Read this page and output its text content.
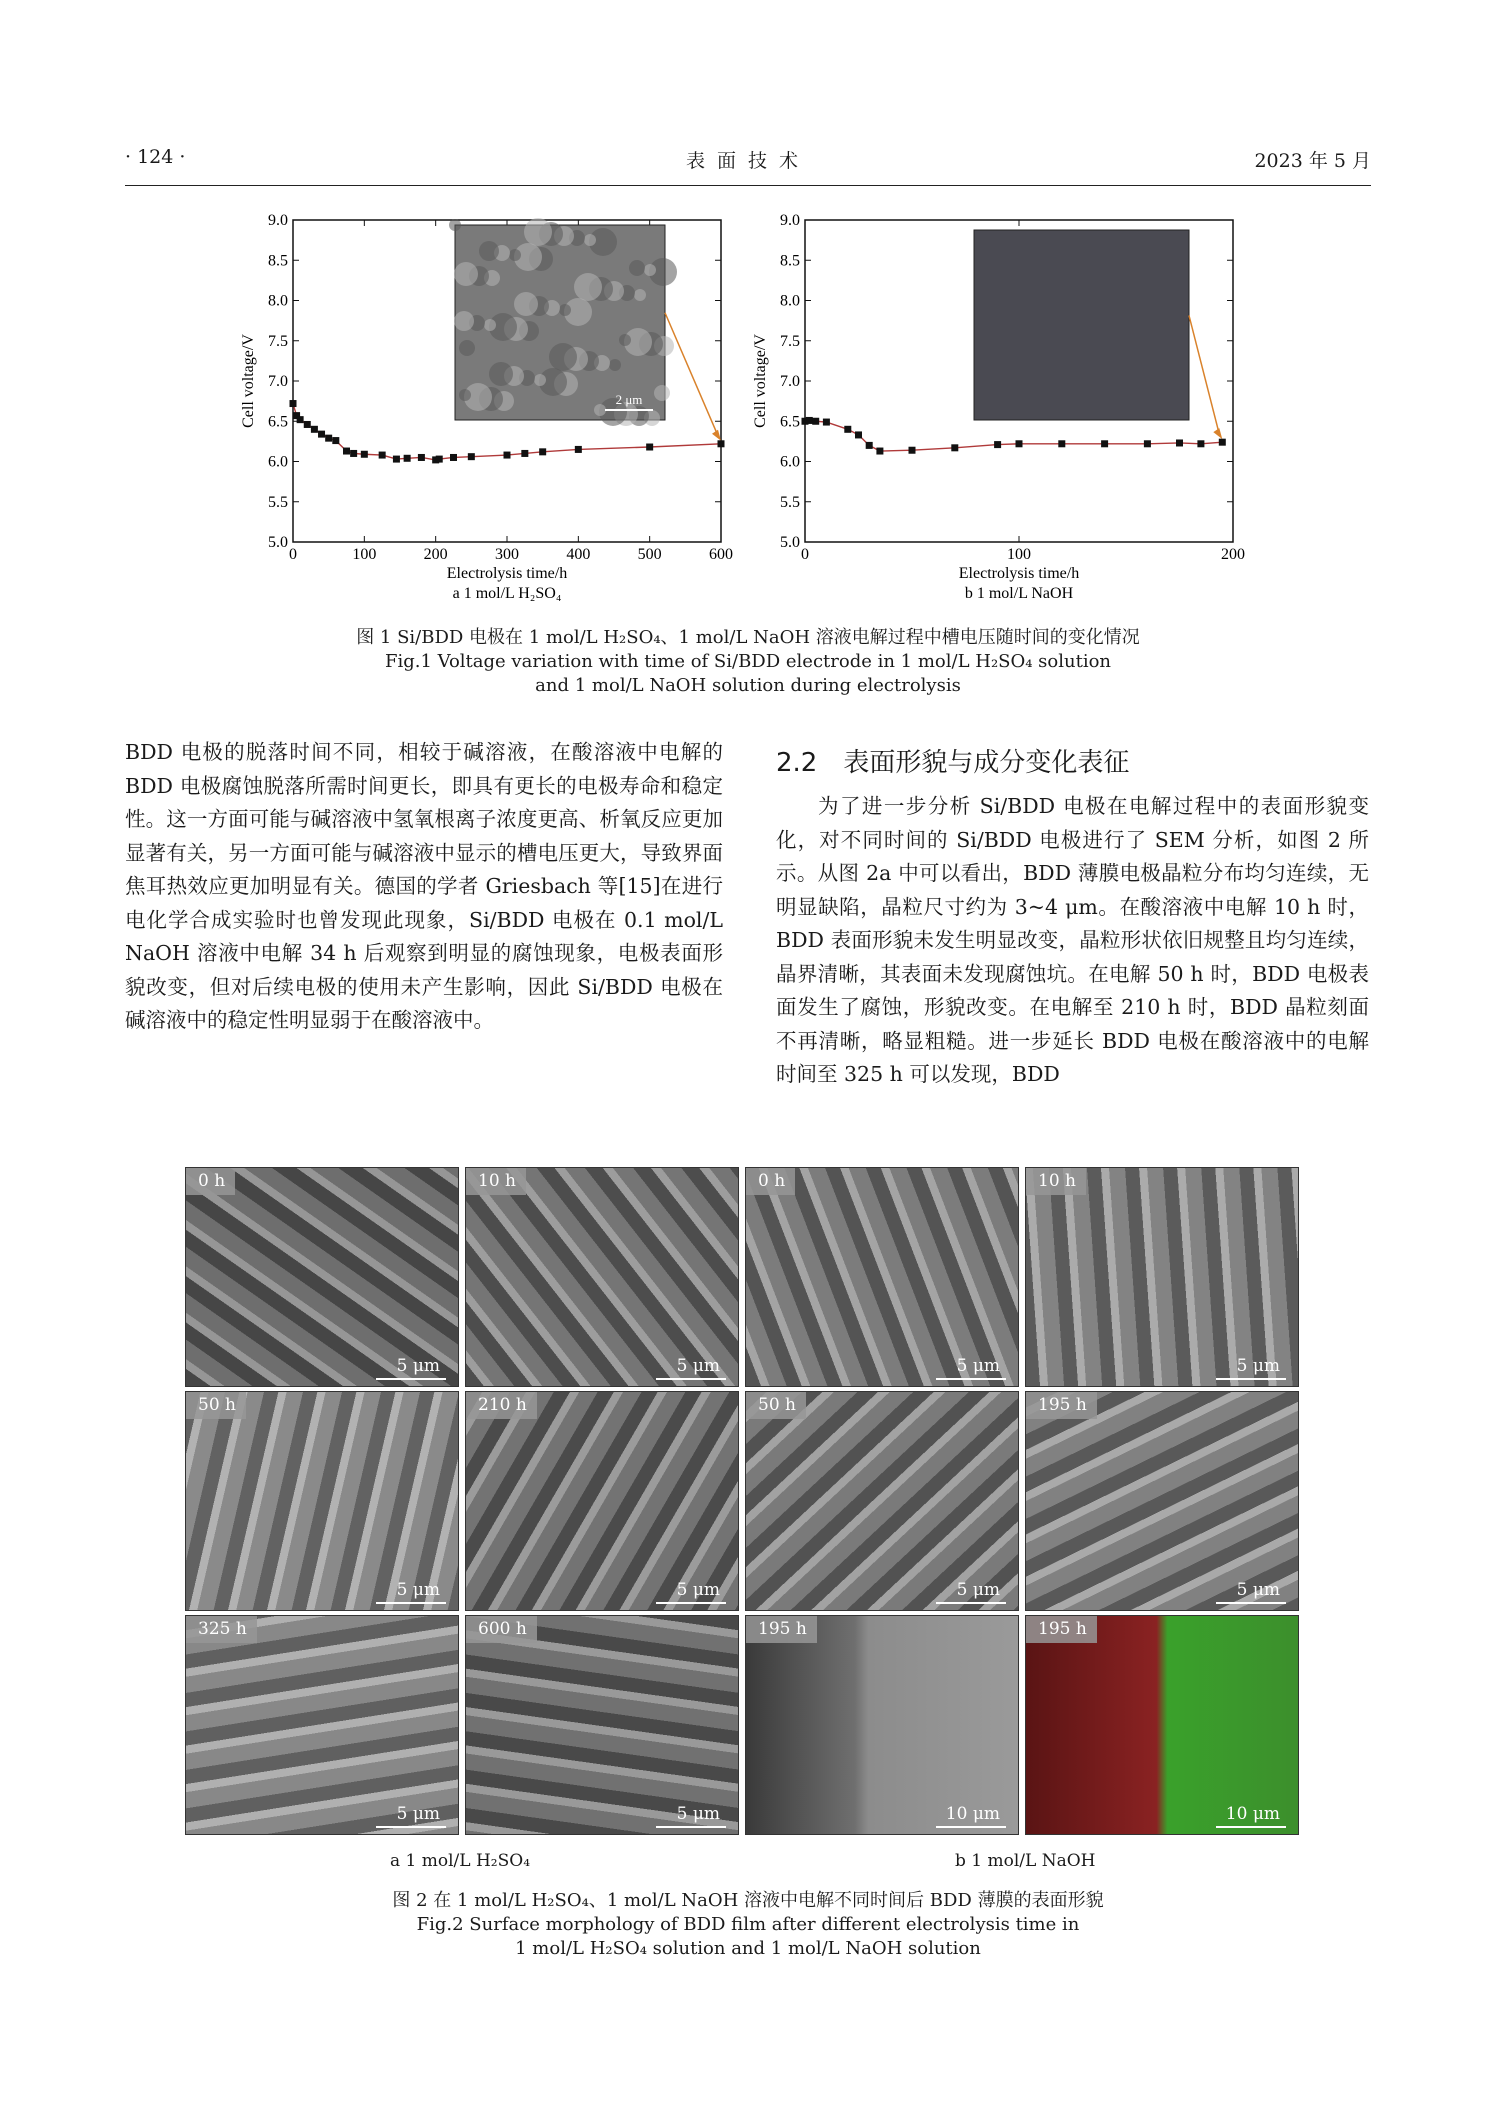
· 124 ·	表面技术	2023 年 5 月
5.0
5.5
6.0
6.5
7.0
7.5
8.0
8.5
9.0
0	100	200	300	400	500	600
Electrolysis time/h
Cell voltage/V
a 1 mol/L H₂SO₄
2 μm
5.0
5.5
6.0
6.5
7.0
7.5
8.0
8.5
9.0
0	100	200
Electrolysis time/h
Cell voltage/V
b 1 mol/L NaOH
图 1 Si/BDD 电极在 1 mol/L H₂SO₄、1 mol/L NaOH 溶液电解过程中槽电压随时间的变化情况
Fig.1 Voltage variation with time of Si/BDD electrode in 1 mol/L H₂SO₄ solution
and 1 mol/L NaOH solution during electrolysis

BDD 电极的脱落时间不同，相较于碱溶液，在酸溶液中电解的 BDD 电极腐蚀脱落所需时间更长，即具有更长的电极寿命和稳定性。这一方面可能与碱溶液中氢氧根离子浓度更高、析氧反应更加显著有关，另一方面可能与碱溶液中显示的槽电压更大，导致界面焦耳热效应更加明显有关。德国的学者 Griesbach 等[15]在进行电化学合成实验时也曾发现此现象，Si/BDD 电极在 0.1 mol/L NaOH 溶液中电解 34 h 后观察到明显的腐蚀现象，电极表面形貌改变，但对后续电极的使用未产生影响，因此 Si/BDD 电极在碱溶液中的稳定性明显弱于在酸溶液中。

2.2 表面形貌与成分变化表征

为了进一步分析 Si/BDD 电极在电解过程中的表面形貌变化，对不同时间的 Si/BDD 电极进行了 SEM 分析，如图 2 所示。从图 2a 中可以看出，BDD 薄膜电极晶粒分布均匀连续，无明显缺陷，晶粒尺寸约为 3~4 μm。在酸溶液中电解 10 h 时，BDD 表面形貌未发生明显改变，晶粒形状依旧规整且均匀连续，晶界清晰，其表面未发现腐蚀坑。在电解 50 h 时，BDD 电极表面发生了腐蚀，形貌改变。在电解至 210 h 时，BDD 晶粒刻面不再清晰，略显粗糙。进一步延长 BDD 电极在酸溶液中的电解时间至 325 h 可以发现，BDD

0 h
5 μm
10 h
5 μm
0 h
5 μm
10 h
5 μm
50 h
5 μm
210 h
5 μm
50 h
5 μm
195 h
5 μm
325 h
5 μm
600 h
5 μm
195 h
10 μm
195 h
10 μm
a 1 mol/L H₂SO₄	b 1 mol/L NaOH
图 2 在 1 mol/L H₂SO₄、1 mol/L NaOH 溶液中电解不同时间后 BDD 薄膜的表面形貌
Fig.2 Surface morphology of BDD film after different electrolysis time in
1 mol/L H₂SO₄ solution and 1 mol/L NaOH solution
